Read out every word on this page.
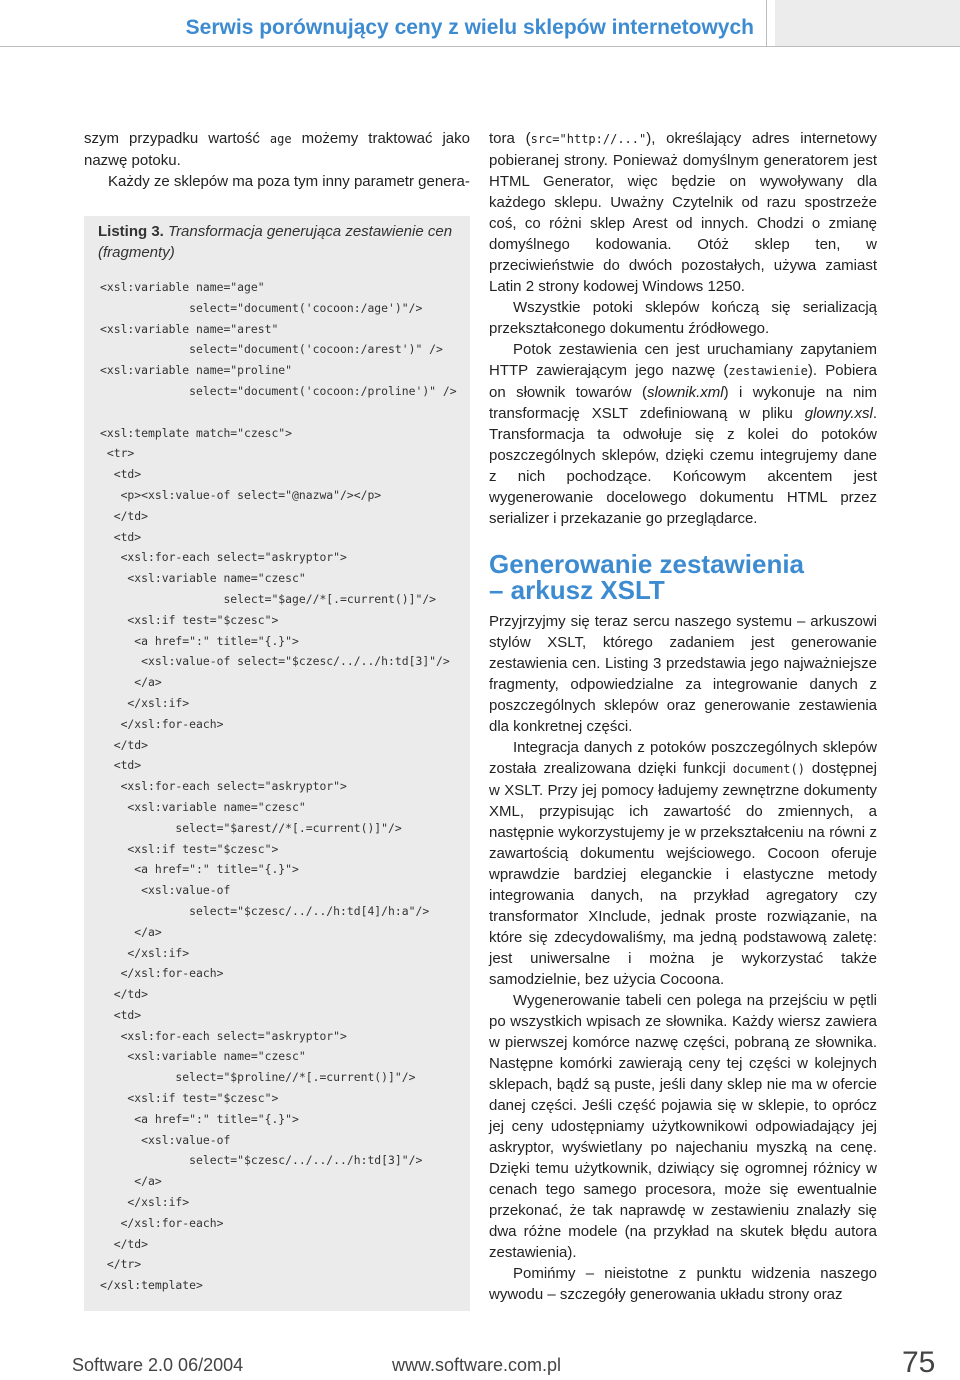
Serwis porównujący ceny z wielu sklepów internetowych

szym przypadku wartość age możemy traktować jako nazwę potoku.

Każdy ze sklepów ma poza tym inny parametr genera-

Listing 3. Transformacja generująca zestawienie cen (fragmenty)
<xsl:variable name="age"
select="document('cocoon:/age')"/>
<xsl:variable name="arest"
select="document('cocoon:/arest')" />
<xsl:variable name="proline"
select="document('cocoon:/proline')" />

<xsl:template match="czesc">
<tr>
<td>
<p><xsl:value-of select="@nazwa"/></p>
</td>
<td>
<xsl:for-each select="askryptor">
<xsl:variable name="czesc"
select="$age//*[.=current()]"/>
<xsl:if test="$czesc">
<a href=":" title="{.}">
<xsl:value-of select="$czesc/../../h:td[3]"/>
</a>
</xsl:if>
</xsl:for-each>
</td>
<td>
<xsl:for-each select="askryptor">
<xsl:variable name="czesc"
select="$arest//*[.=current()]"/>
<xsl:if test="$czesc">
<a href=":" title="{.}">
<xsl:value-of
select="$czesc/../../h:td[4]/h:a"/>
</a>
</xsl:if>
</xsl:for-each>
</td>
<td>
<xsl:for-each select="askryptor">
<xsl:variable name="czesc"
select="$proline//*[.=current()]"/>
<xsl:if test="$czesc">
<a href=":" title="{.}">
<xsl:value-of
select="$czesc/../../../h:td[3]"/>
</a>
</xsl:if>
</xsl:for-each>
</td>
</tr>
</xsl:template>

tora (src="http://..."), określający adres internetowy pobieranej strony. Ponieważ domyślnym generatorem jest HTML Generator, więc będzie on wywoływany dla każdego sklepu. Uważny Czytelnik od razu spostrzeże coś, co różni sklep Arest od innych. Chodzi o zmianę domyślnego kodowania. Otóż sklep ten, w przeciwieństwie do dwóch pozostałych, używa zamiast Latin 2 strony kodowej Windows 1250.

Wszystkie potoki sklepów kończą się serializacją przekształconego dokumentu źródłowego.

Potok zestawienia cen jest uruchamiany zapytaniem HTTP zawierającym jego nazwę (zestawienie). Pobiera on słownik towarów (slownik.xml) i wykonuje na nim transformację XSLT zdefiniowaną w pliku glowny.xsl. Transformacja ta odwołuje się z kolei do potoków poszczególnych sklepów, dzięki czemu integrujemy dane z nich pochodzące. Końcowym akcentem jest wygenerowanie docelowego dokumentu HTML przez serializer i przekazanie go przeglądarce.

Generowanie zestawienia
– arkusz XSLT

Przyjrzyjmy się teraz sercu naszego systemu – arkuszowi stylów XSLT, którego zadaniem jest generowanie zestawienia cen. Listing 3 przedstawia jego najważniejsze fragmenty, odpowiedzialne za integrowanie danych z poszczególnych sklepów oraz generowanie zestawienia dla konkretnej części.

Integracja danych z potoków poszczególnych sklepów została zrealizowana dzięki funkcji document() dostępnej w XSLT. Przy jej pomocy ładujemy zewnętrzne dokumenty XML, przypisując ich zawartość do zmiennych, a następnie wykorzystujemy je w przekształceniu na równi z zawartością dokumentu wejściowego. Cocoon oferuje wprawdzie bardziej eleganckie i elastyczne metody integrowania danych, na przykład agregatory czy transformator XInclude, jednak proste rozwiązanie, na które się zdecydowaliśmy, ma jedną podstawową zaletę: jest uniwersalne i można je wykorzystać także samodzielnie, bez użycia Cocoona.

Wygenerowanie tabeli cen polega na przejściu w pętli po wszystkich wpisach ze słownika. Każdy wiersz zawiera w pierwszej komórce nazwę części, pobraną ze słownika. Następne komórki zawierają ceny tej części w kolejnych sklepach, bądź są puste, jeśli dany sklep nie ma w ofercie danej części. Jeśli część pojawia się w sklepie, to oprócz jej ceny udostępniamy użytkownikowi odpowiadający jej askryptor, wyświetlany po najechaniu myszką na cenę. Dzięki temu użytkownik, dziwiący się ogromnej różnicy w cenach tego samego procesora, może się ewentualnie przekonać, że tak naprawdę w zestawieniu znalazły się dwa różne modele (na przykład na skutek błędu autora zestawienia).

Pomińmy – nieistotne z punktu widzenia naszego wywodu – szczegóły generowania układu strony oraz

Software 2.0 06/2004	www.software.com.pl	75
